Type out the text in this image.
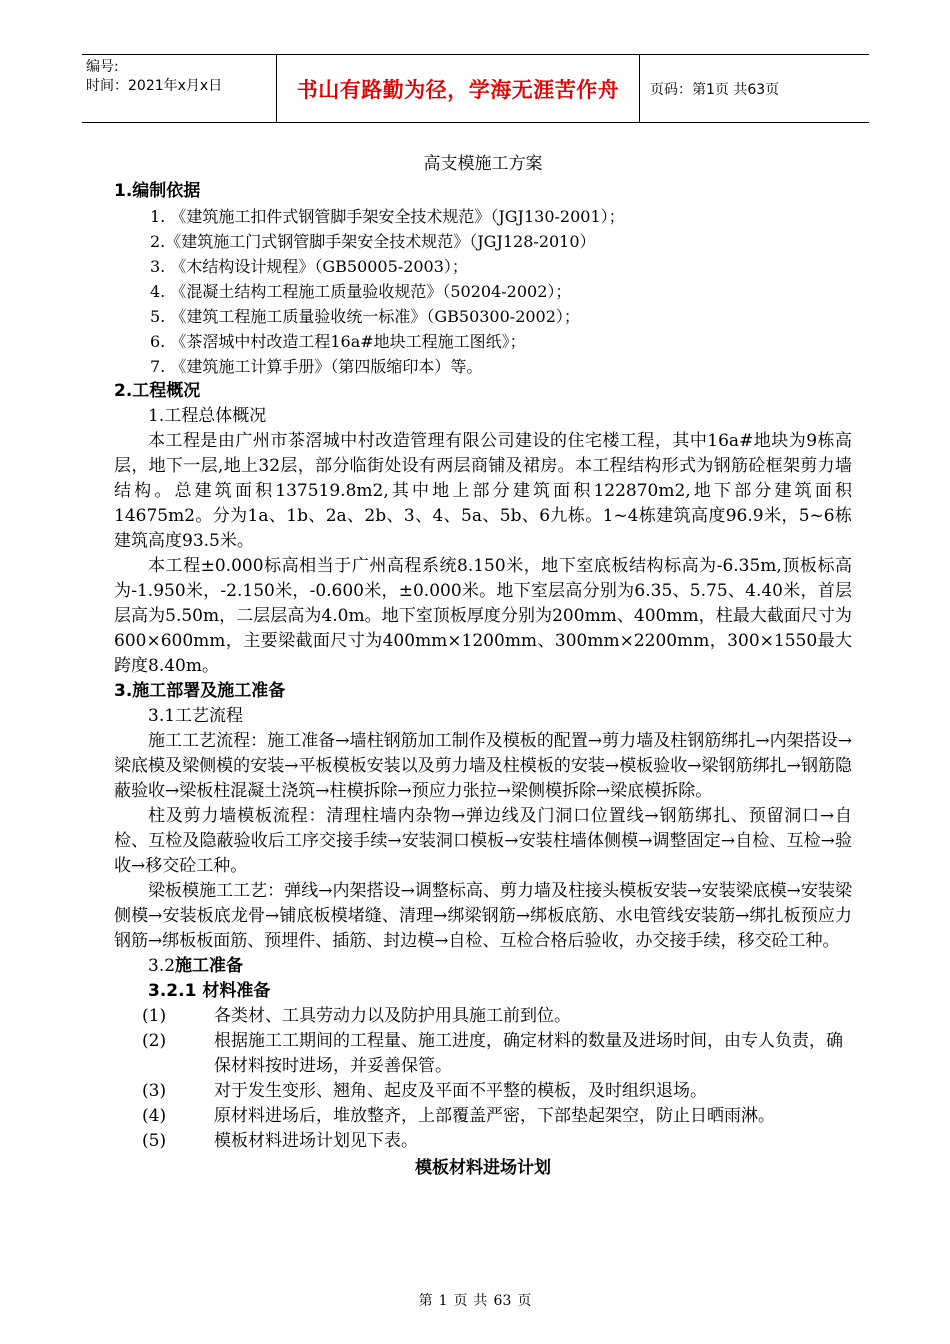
编号:
时间：2021年x月x日	书山有路勤为径，学海无涯苦作舟	页码：第1页 共63页
高支模施工方案
1.编制依据
1. 《建筑施工扣件式钢管脚手架安全技术规范》（JGJ130-2001）；
2.《建筑施工门式钢管脚手架安全技术规范》（JGJ128-2010）
3. 《木结构设计规程》（GB50005-2003）；
4. 《混凝土结构工程施工质量验收规范》（50204-2002）；
5. 《建筑工程施工质量验收统一标准》（GB50300-2002）；
6. 《茶滘城中村改造工程16a#地块工程施工图纸》；
7. 《建筑施工计算手册》（第四版缩印本）等。
2.工程概况
1.工程总体概况

本工程是由广州市茶滘城中村改造管理有限公司建设的住宅楼工程，其中16a#地块为9栋高层，地下一层,地上32层，部分临街处设有两层商铺及裙房。本工程结构形式为钢筋砼框架剪力墙结构。总建筑面积137519.8m2,其中地上部分建筑面积122870m2,地下部分建筑面积14675m2。分为1a、1b、2a、2b、3、4、5a、5b、6九栋。1~4栋建筑高度96.9米，5~6栋建筑高度93.5米。

本工程±0.000标高相当于广州高程系统8.150米，地下室底板结构标高为-6.35m,顶板标高为-1.950米，-2.150米，-0.600米，±0.000米。地下室层高分别为6.35、5.75、4.40米，首层层高为5.50m，二层层高为4.0m。地下室顶板厚度分别为200mm、400mm，柱最大截面尺寸为600×600mm，主要梁截面尺寸为400mm×1200mm、300mm×2200mm，300×1550最大跨度8.40m。

3.施工部署及施工准备
3.1工艺流程

施工工艺流程：施工准备→墙柱钢筋加工制作及模板的配置→剪力墙及柱钢筋绑扎→内架搭设→梁底模及梁侧模的安装→平板模板安装以及剪力墙及柱模板的安装→模板验收→梁钢筋绑扎→钢筋隐蔽验收→梁板柱混凝土浇筑→柱模拆除→预应力张拉→梁侧模拆除→梁底模拆除。

柱及剪力墙模板流程：清理柱墙内杂物→弹边线及门洞口位置线→钢筋绑扎、预留洞口→自检、互检及隐蔽验收后工序交接手续→安装洞口模板→安装柱墙体侧模→调整固定→自检、互检→验收→移交砼工种。

梁板模施工工艺：弹线→内架搭设→调整标高、剪力墙及柱接头模板安装→安装梁底模→安装梁侧模→安装板底龙骨→铺底板模堵缝、清理→绑梁钢筋→绑板底筋、水电管线安装筋→绑扎板预应力钢筋→绑板板面筋、预埋件、插筋、封边模→自检、互检合格后验收，办交接手续，移交砼工种。

3.2施工准备
3.2.1 材料准备
(1)	各类材、工具劳动力以及防护用具施工前到位。
(2)	根据施工工期间的工程量、施工进度，确定材料的数量及进场时间，由专人负责，确保材料按时进场，并妥善保管。
(3)	对于发生变形、翘角、起皮及平面不平整的模板，及时组织退场。
(4)	原材料进场后，堆放整齐，上部覆盖严密，下部垫起架空，防止日晒雨淋。
(5)	模板材料进场计划见下表。
模板材料进场计划
第 1 页 共 63 页
